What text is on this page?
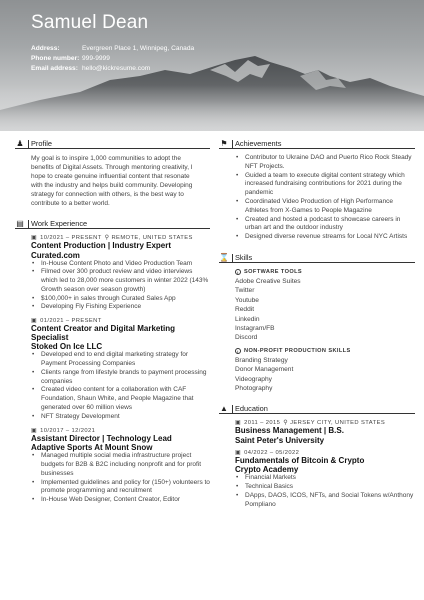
Samuel Dean
Address:	Evergreen Place 1, Winnipeg, Canada
Phone number: 999-9999
Email address: hello@kickresume.com
♟ Profile

My goal is to inspire 1,000 communities to adopt the benefits of Digital Assets. Through mentoring creativity, I hope to create genuine influential content that resonate with the industry and helps build community. Developing strategy for connection with others, is the best way to contribute to a better world.

▤ Work Experience
▣ 10/2021 – PRESENT ⚲ REMOTE, UNITED STATES
Content Production | Industry Expert
Curated.com
• In-House Content Photo and Video Production Team
• Filmed over 300 product review and video interviews which led to 28,000 more customers in winter 2022 (143% Growth season over season growth)
• $100,000+ in sales through Curated Sales App
• Developing Fly Fishing Experience
▣ 01/2021 – PRESENT
Content Creator and Digital Marketing Specialist
Stoked On Ice LLC
• Developed end to end digital marketing strategy for Payment Processing Companies
• Clients range from lifestyle brands to payment processing companies
• Created video content for a collaboration with CAF Foundation, Shaun White, and People Magazine that generated over 60 million views
• NFT Strategy Development
▣ 10/2017 – 12/2021
Assistant Director | Technology Lead
Adaptive Sports At Mount Snow
• Managed multiple social media infrastructure project budgets for B2B & B2C including nonprofit and for profit businesses
• Implemented guidelines and policy for (150+) volunteers to promote programming and recruitment
• In-House Web Designer, Content Creator, Editor
⚑ Achievements
• Contributor to Ukraine DAO and Puerto Rico Rock Steady NFT Projects.
• Guided a team to execute digital content strategy which increased fundraising contributions for 2021 during the pandemic
• Coordinated Video Production of High Performance Athletes from X-Games to People Magazine
• Created and hosted a podcast to showcase careers in urban art and the outdoor industry
• Designed diverse revenue streams for Local NYC Artists
⌛ Skills
i SOFTWARE TOOLS
Adobe Creative Suites
Twitter
Youtube
Reddit
Linkedin
Instagram/FB
Discord
i NON-PROFIT PRODUCTION SKILLS
Branding Strategy
Donor Management
Videography
Photography
▲ Education
▣ 2011 – 2015 ⚲ JERSEY CITY, UNITED STATES
Business Management | B.S.
Saint Peter's University
▣ 04/2022 – 05/2022
Fundamentals of Bitcoin & Crypto
Crypto Academy
• Financial Markets
• Technical Basics
• DApps, DAOS, ICOS, NFTs, and Social Tokens w/Anthony Pompliano
